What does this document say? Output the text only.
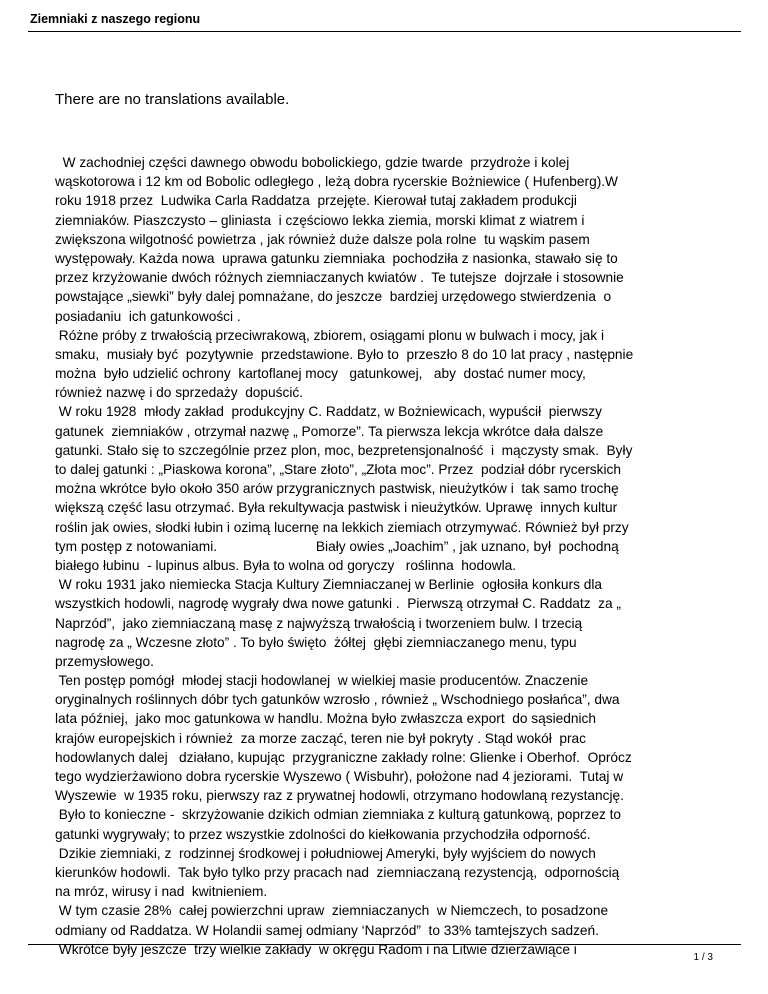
Ziemniaki z naszego regionu
There are no translations available.
W zachodniej części dawnego obwodu bobolickiego, gdzie twarde  przydroże i kolej
wąskotorowa i 12 km od Bobolic odległego , leżą dobra rycerskie Bożniewice ( Hufenberg).W
roku 1918 przez  Ludwika Carla Raddatza  przejęte. Kierował tutaj zakładem produkcji
ziemniaków. Piaszczysto – gliniasta  i częściowo lekka ziemia, morski klimat z wiatrem i
zwiększona wilgotność powietrza , jak również duże dalsze pola rolne  tu wąskim pasem
występowały. Każda nowa  uprawa gatunku ziemniaka  pochodziła z nasionka, stawało się to
przez krzyżowanie dwóch różnych ziemniaczanych kwiatów .  Te tutejsze  dojrzałe i stosownie
powstające „siewki” były dalej pomnażane, do jeszcze  bardziej urzędowego stwierdzenia  o
posiadaniu  ich gatunkowości .
Różne próby z trwałością przeciwrakową, zbiorem, osiągami plonu w bulwach i mocy, jak i
smaku,  musiały być  pozytywnie  przedstawione. Było to  przeszło 8 do 10 lat pracy , następnie
można  było udzielić ochrony  kartoflanej mocy   gatunkowej,   aby  dostać numer mocy,
również nazwę i do sprzedaży  dopuścić.
W roku 1928  młody zakład  produkcyjny C. Raddatz, w Bożniewicach, wypuścił  pierwszy
gatunek  ziemniaków , otrzymał nazwę „ Pomorze”. Ta pierwsza lekcja wkrótce dała dalsze
gatunki. Stało się to szczególnie przez plon, moc, bezpretensjonalność  i  mączysty smak.  Były
to dalej gatunki : „Piaskowa korona”, „Stare złoto”, „Złota moc”. Przez  podział dóbr rycerskich
można wkrótce było około 350 arów przygranicznych pastwisk, nieużytków i  tak samo trochę
większą część lasu otrzymać. Była rekultywacja pastwisk i nieużytków. Uprawę  innych kultur
roślin jak owies, słodki łubin i ozimą lucernę na lekkich ziemiach otrzymywać. Również był przy
tym postęp z notowaniami.                          Biały owies „Joachim” , jak uznano, był  pochodną
białego łubinu  - lupinus albus. Była to wolna od goryczy   roślinna  hodowla.
W roku 1931 jako niemiecka Stacja Kultury Ziemniaczanej w Berlinie  ogłosiła konkurs dla
wszystkich hodowli, nagrodę wygrały dwa nowe gatunki .  Pierwszą otrzymał C. Raddatz  za „
Naprzód”,  jako ziemniaczaną masę z najwyższą trwałością i tworzeniem bulw. I trzecią
nagrodę za „ Wczesne złoto” . To było święto  żółtej  głębi ziemniaczanego menu, typu
przemysłowego.
Ten postęp pomógł  młodej stacji hodowlanej  w wielkiej masie producentów. Znaczenie
oryginalnych roślinnych dóbr tych gatunków wzrosło , również „ Wschodniego posłańca”, dwa
lata później,  jako moc gatunkowa w handlu. Można było zwłaszcza export  do sąsiednich
krajów europejskich i również  za morze zacząć, teren nie był pokryty . Stąd wokół  prac
hodowlanych dalej   działano, kupując  przygraniczne zakłady rolne: Glienke i Oberhof.  Oprócz
tego wydzierżawiono dobra rycerskie Wyszewo ( Wisbuhr), położone nad 4 jeziorami.  Tutaj w
Wyszewie  w 1935 roku, pierwszy raz z prywatnej hodowli, otrzymano hodowlaną rezystancję.
Było to konieczne -  skrzyżowanie dzikich odmian ziemniaka z kulturą gatunkową, poprzez to
gatunki wygrywały; to przez wszystkie zdolności do kiełkowania przychodziła odporność.
Dzikie ziemniaki, z  rodzinnej środkowej i południowej Ameryki, były wyjściem do nowych
kierunków hodowli.  Tak było tylko przy pracach nad  ziemniaczaną rezystencją,  odpornością
na mróz, wirusy i nad  kwitnieniem.
W tym czasie 28%  całej powierzchni upraw  ziemniaczanych  w Niemczech, to posadzone
odmiany od Raddatza. W Holandii samej odmiany ‘Naprzód”  to 33% tamtejszych sadzeń.
Wkrótce były jeszcze  trzy wielkie zakłady  w okręgu Radom i na Litwie dzierżawiące i
1 / 3
